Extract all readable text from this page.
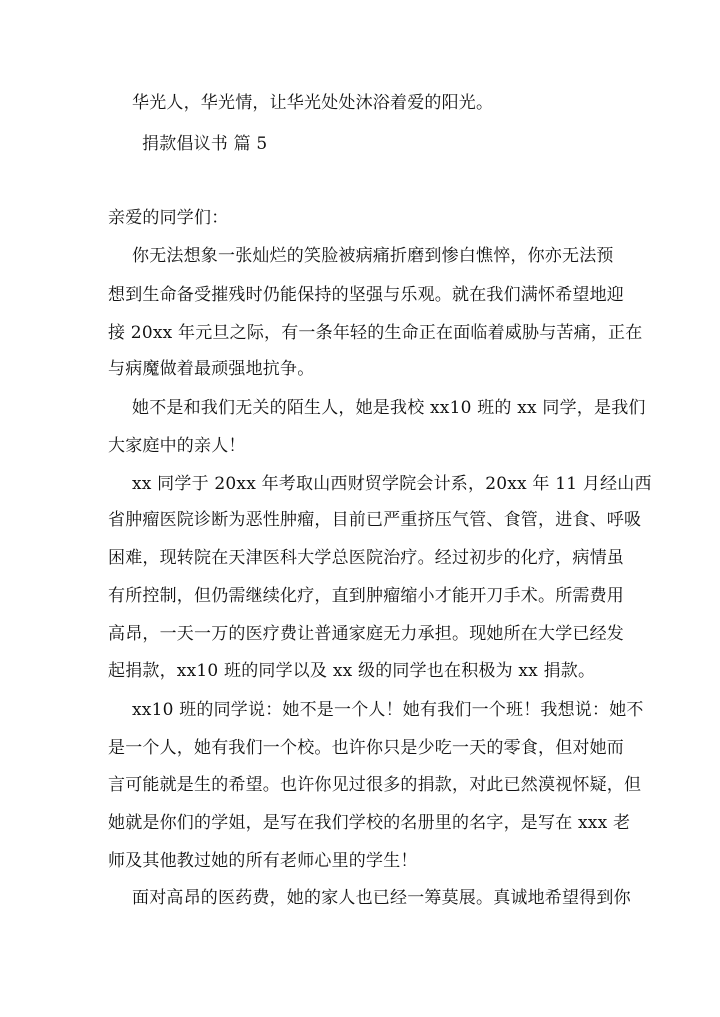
华光人，华光情，让华光处处沐浴着爱的阳光。
捐款倡议书 篇 5
亲爱的同学们：
你无法想象一张灿烂的笑脸被病痛折磨到惨白憔悴，你亦无法预
想到生命备受摧残时仍能保持的坚强与乐观。就在我们满怀希望地迎
接 20xx 年元旦之际，有一条年轻的生命正在面临着威胁与苦痛，正在
与病魔做着最顽强地抗争。
她不是和我们无关的陌生人，她是我校 xx10 班的 xx 同学，是我们
大家庭中的亲人！
xx 同学于 20xx 年考取山西财贸学院会计系，20xx 年 11 月经山西
省肿瘤医院诊断为恶性肿瘤，目前已严重挤压气管、食管，进食、呼吸
困难，现转院在天津医科大学总医院治疗。经过初步的化疗，病情虽
有所控制，但仍需继续化疗，直到肿瘤缩小才能开刀手术。所需费用
高昂，一天一万的医疗费让普通家庭无力承担。现她所在大学已经发
起捐款，xx10 班的同学以及 xx 级的同学也在积极为 xx 捐款。
xx10 班的同学说：她不是一个人！她有我们一个班！我想说：她不
是一个人，她有我们一个校。也许你只是少吃一天的零食，但对她而
言可能就是生的希望。也许你见过很多的捐款，对此已然漠视怀疑，但
她就是你们的学姐，是写在我们学校的名册里的名字，是写在 xxx 老
师及其他教过她的所有老师心里的学生！
面对高昂的医药费，她的家人也已经一筹莫展。真诚地希望得到你
